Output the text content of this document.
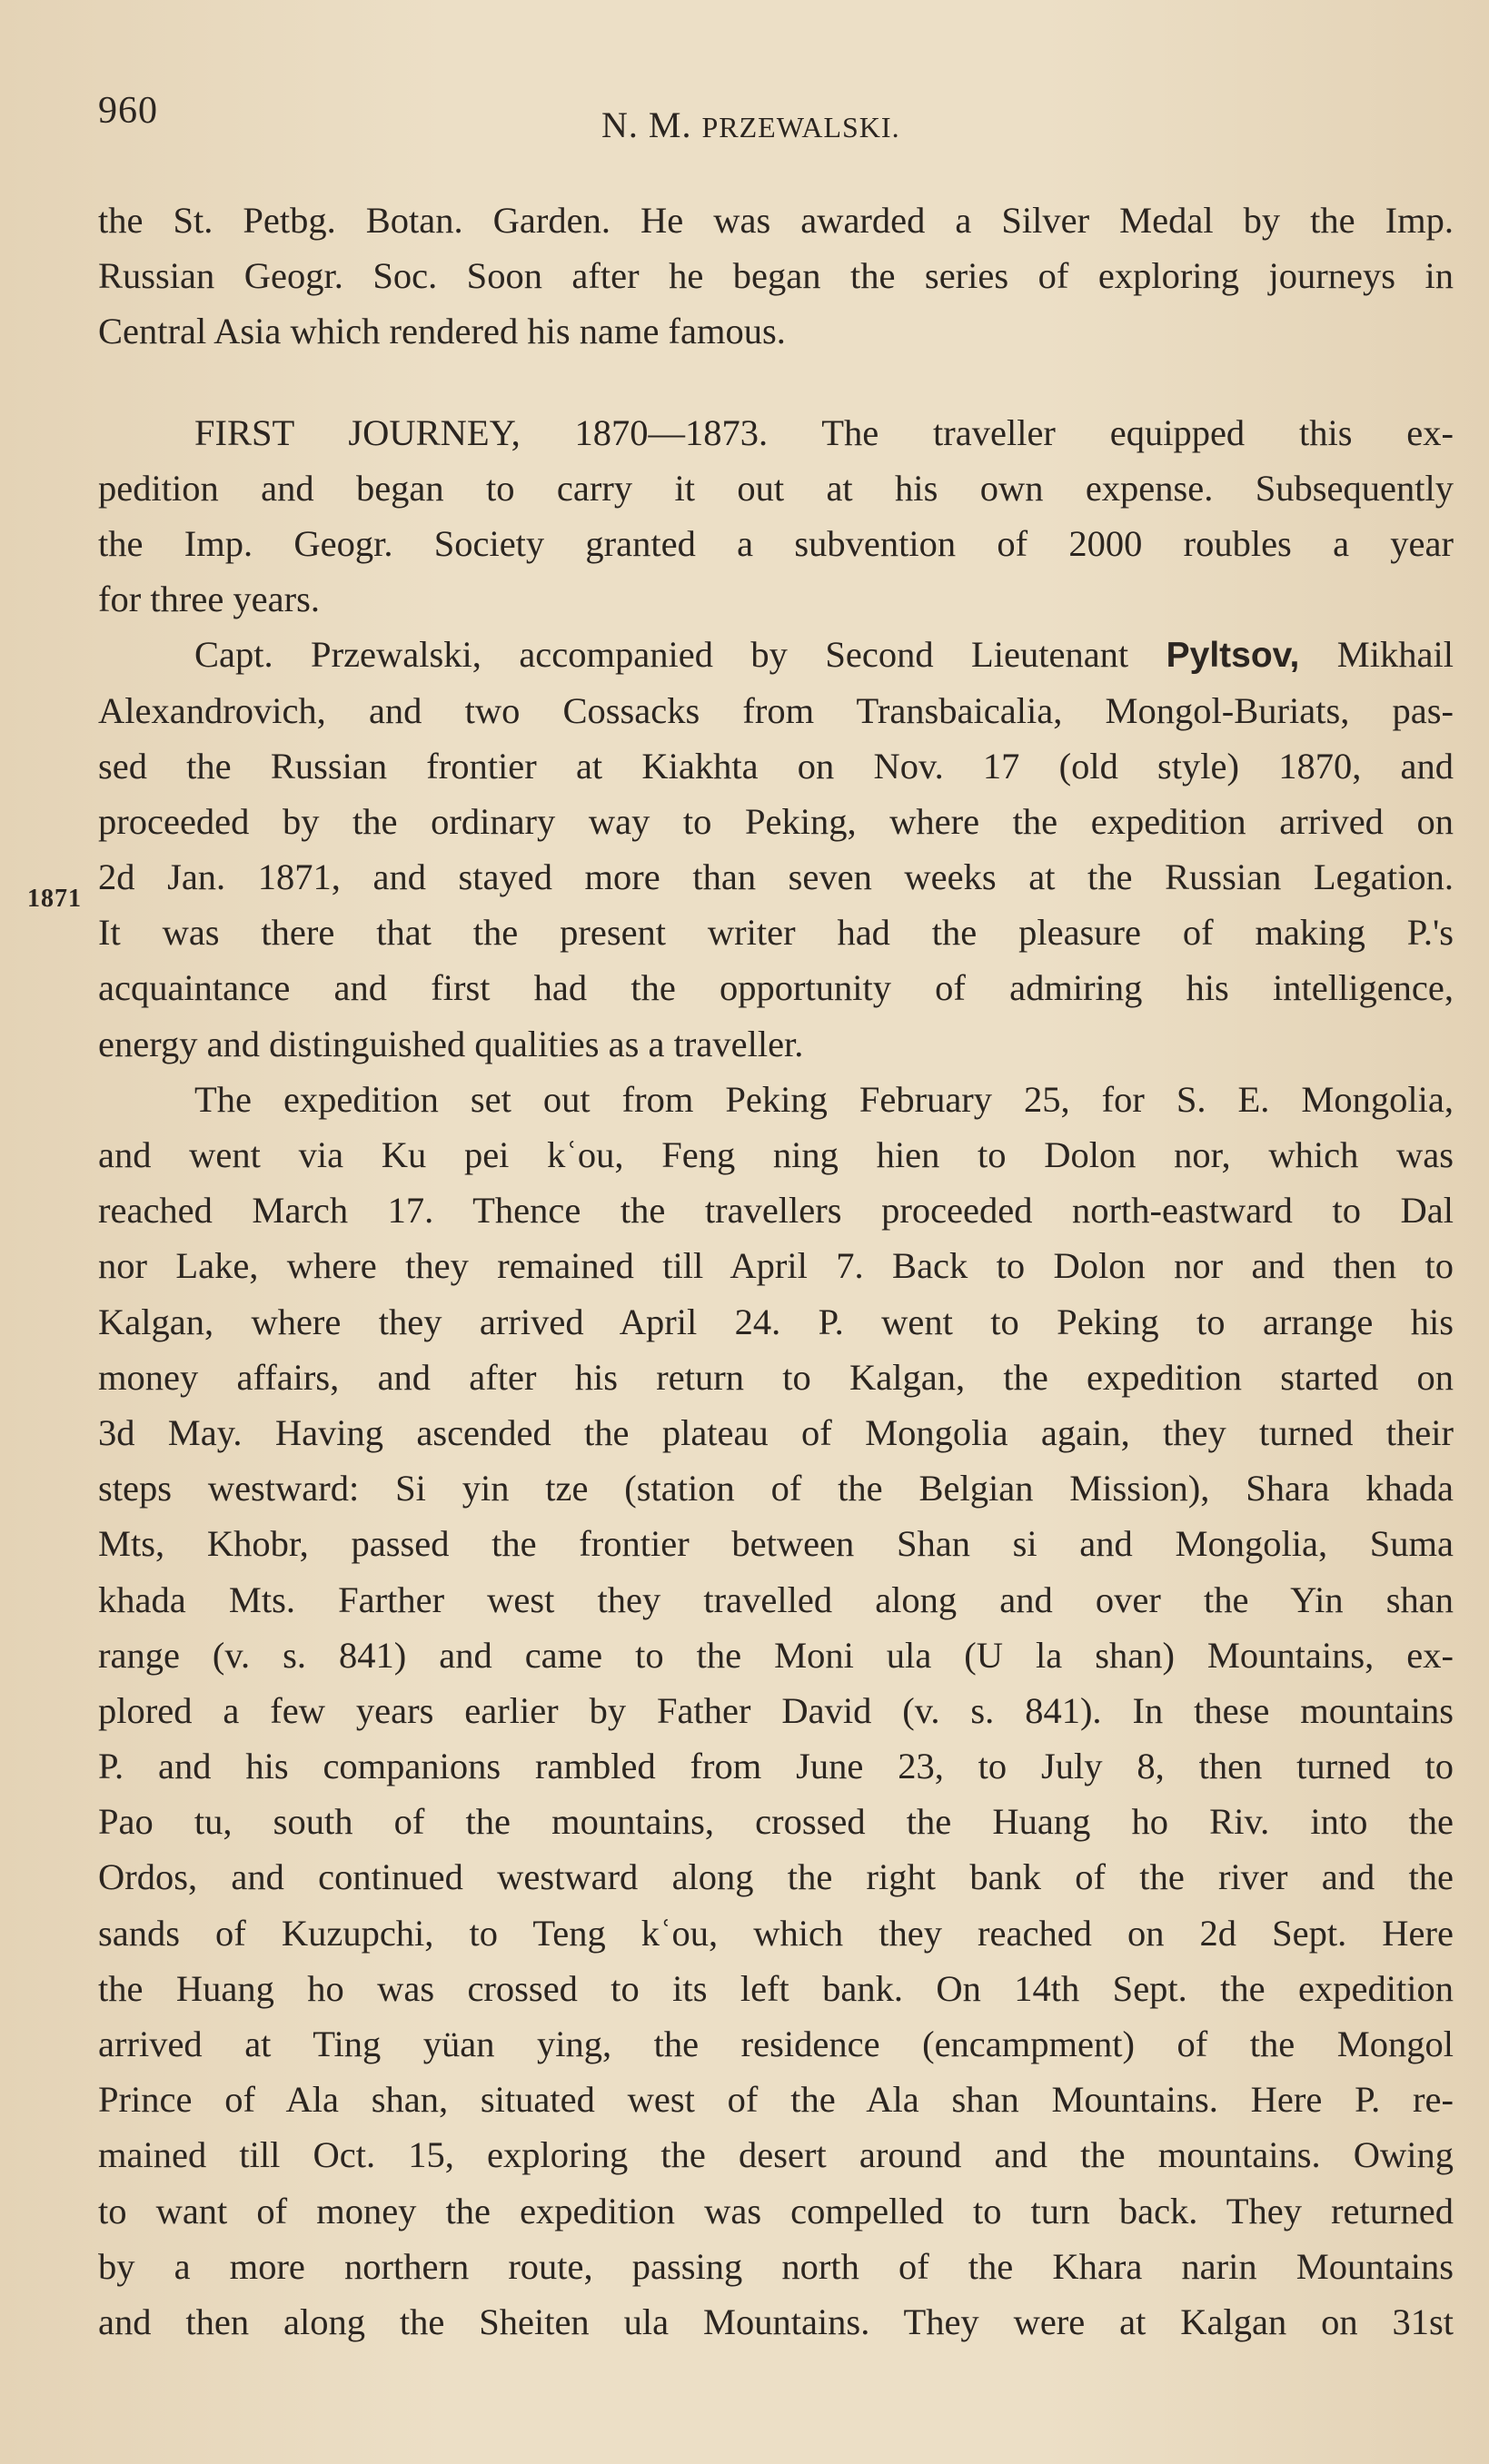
960	N. M. PRZEWALSKI.
1871
the St. Petbg. Botan. Garden. He was awarded a Silver Medal by the Imp.
Russian Geogr. Soc. Soon after he began the series of exploring journeys in
Central Asia which rendered his name famous.
FIRST JOURNEY, 1870—1873. The traveller equipped this ex-
pedition and began to carry it out at his own expense. Subsequently
the Imp. Geogr. Society granted a subvention of 2000 roubles a year
for three years.
Capt. Przewalski, accompanied by Second Lieutenant Pyltsov, Mikhail
Alexandrovich, and two Cossacks from Transbaicalia, Mongol-Buriats, pas-
sed the Russian frontier at Kiakhta on Nov. 17 (old style) 1870, and
proceeded by the ordinary way to Peking, where the expedition arrived on
2d Jan. 1871, and stayed more than seven weeks at the Russian Legation.
It was there that the present writer had the pleasure of making P.'s
acquaintance and first had the opportunity of admiring his intelligence,
energy and distinguished qualities as a traveller.
The expedition set out from Peking February 25, for S. E. Mongolia,
and went via Ku pei kʿou, Feng ning hien to Dolon nor, which was
reached March 17. Thence the travellers proceeded north-eastward to Dal
nor Lake, where they remained till April 7. Back to Dolon nor and then to
Kalgan, where they arrived April 24. P. went to Peking to arrange his
money affairs, and after his return to Kalgan, the expedition started on
3d May. Having ascended the plateau of Mongolia again, they turned their
steps westward: Si yin tze (station of the Belgian Mission), Shara khada
Mts, Khobr, passed the frontier between Shan si and Mongolia, Suma
khada Mts. Farther west they travelled along and over the Yin shan
range (v. s. 841) and came to the Moni ula (U la shan) Mountains, ex-
plored a few years earlier by Father David (v. s. 841). In these mountains
P. and his companions rambled from June 23, to July 8, then turned to
Pao tu, south of the mountains, crossed the Huang ho Riv. into the
Ordos, and continued westward along the right bank of the river and the
sands of Kuzupchi, to Teng kʿou, which they reached on 2d Sept. Here
the Huang ho was crossed to its left bank. On 14th Sept. the expedition
arrived at Ting yüan ying, the residence (encampment) of the Mongol
Prince of Ala shan, situated west of the Ala shan Mountains. Here P. re-
mained till Oct. 15, exploring the desert around and the mountains. Owing
to want of money the expedition was compelled to turn back. They returned
by a more northern route, passing north of the Khara narin Mountains
and then along the Sheiten ula Mountains. They were at Kalgan on 31st
